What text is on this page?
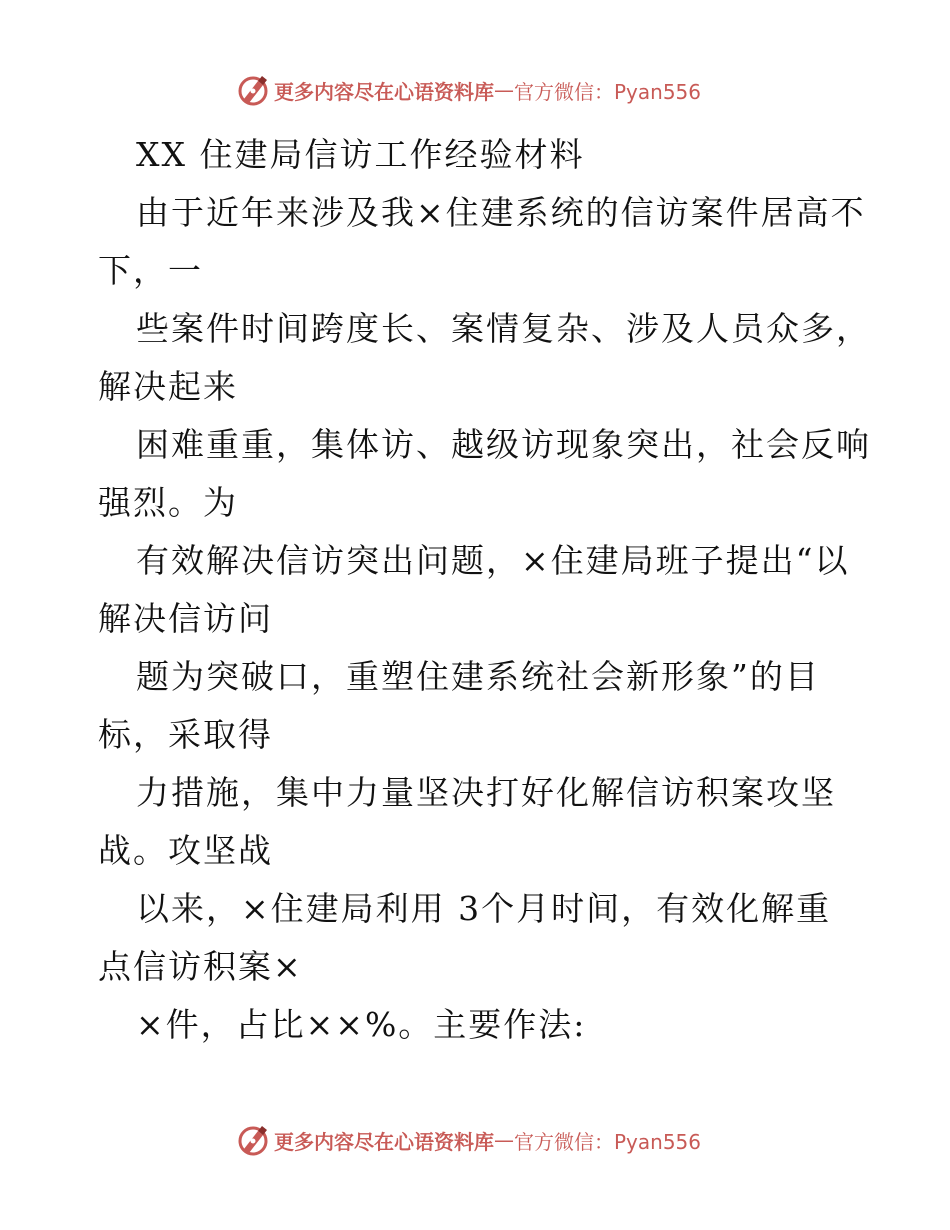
更多内容尽在心语资料库 — 官方微信：Pyan556
XX 住建局信访工作经验材料
由于近年来涉及我×住建系统的信访案件居高不
下，一
些案件时间跨度长、案情复杂、涉及人员众多，
解决起来
困难重重，集体访、越级访现象突出，社会反响
强烈。为
有效解决信访突出问题，×住建局班子提出“以
解决信访问
题为突破口，重塑住建系统社会新形象”的目
标，采取得
力措施，集中力量坚决打好化解信访积案攻坚
战。攻坚战
以来，×住建局利用 3个月时间，有效化解重
点信访积案×
×件，占比××%。主要作法:
更多内容尽在心语资料库 — 官方微信：Pyan556
